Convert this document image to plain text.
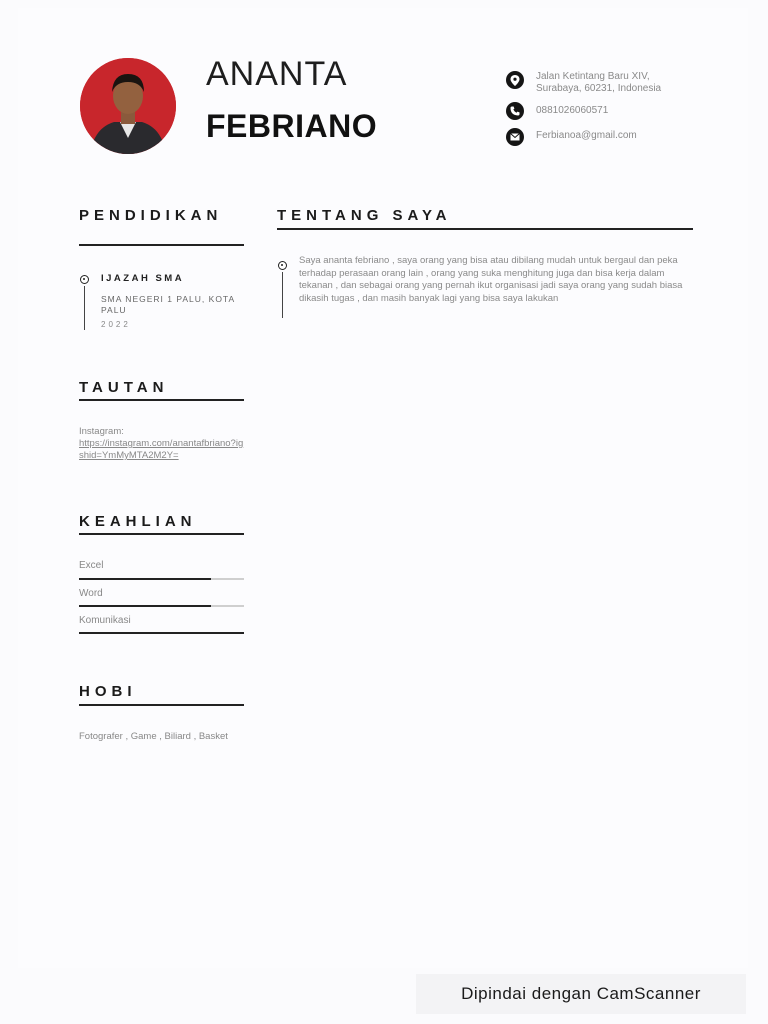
ANANTA
FEBRIANO
Jalan Ketintang Baru XIV, Surabaya, 60231, Indonesia
0881026060571
Ferbianoa@gmail.com
PENDIDIKAN
IJAZAH SMA
SMA NEGERI 1 PALU, KOTA PALU
2022
TENTANG SAYA
Saya ananta febriano , saya orang yang bisa atau dibilang mudah untuk bergaul dan peka terhadap perasaan orang lain , orang yang suka menghitung juga dan bisa kerja dalam tekanan , dan sebagai orang yang pernah ikut organisasi jadi saya orang yang sudah biasa dikasih tugas , dan masih banyak lagi yang bisa saya lakukan
TAUTAN
Instagram:
https://instagram.com/anantafbriano?igshid=YmMyMTA2M2Y=
KEAHLIAN
Excel
Word
Komunikasi
HOBI
Fotografer , Game , Biliard , Basket
Dipindai dengan CamScanner
